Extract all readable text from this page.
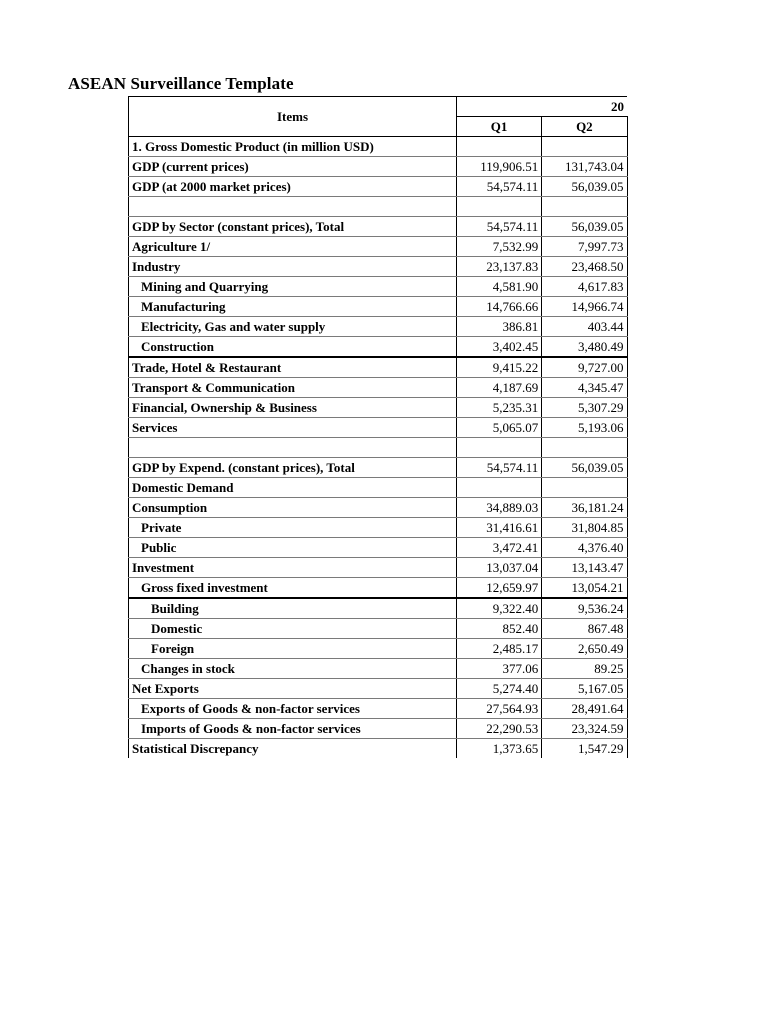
ASEAN Surveillance Template
Items	20		
	Q1	Q2	
1. Gross Domestic Product (in million USD)			
GDP (current prices)	119,906.51	131,743.04	
GDP (at 2000 market prices)	54,574.11	56,039.05	

GDP by Sector (constant prices), Total	54,574.11	56,039.05	
Agriculture 1/	7,532.99	7,997.73	
Industry	23,137.83	23,468.50	
Mining and Quarrying	4,581.90	4,617.83	
Manufacturing	14,766.66	14,966.74	
Electricity, Gas and water supply	386.81	403.44	
Construction	3,402.45	3,480.49	
Trade, Hotel & Restaurant	9,415.22	9,727.00	
Transport & Communication	4,187.69	4,345.47	
Financial, Ownership & Business	5,235.31	5,307.29	
Services	5,065.07	5,193.06	

GDP by Expend. (constant prices), Total	54,574.11	56,039.05	
Domestic Demand			
Consumption	34,889.03	36,181.24	
Private	31,416.61	31,804.85	
Public	3,472.41	4,376.40	
Investment	13,037.04	13,143.47	
Gross fixed investment	12,659.97	13,054.21	
Building	9,322.40	9,536.24	
Domestic	852.40	867.48	
Foreign	2,485.17	2,650.49	
Changes in stock	377.06	89.25	
Net Exports	5,274.40	5,167.05	
Exports of Goods & non-factor services	27,564.93	28,491.64	
Imports of Goods & non-factor services	22,290.53	23,324.59	
Statistical Discrepancy	1,373.65	1,547.29	
